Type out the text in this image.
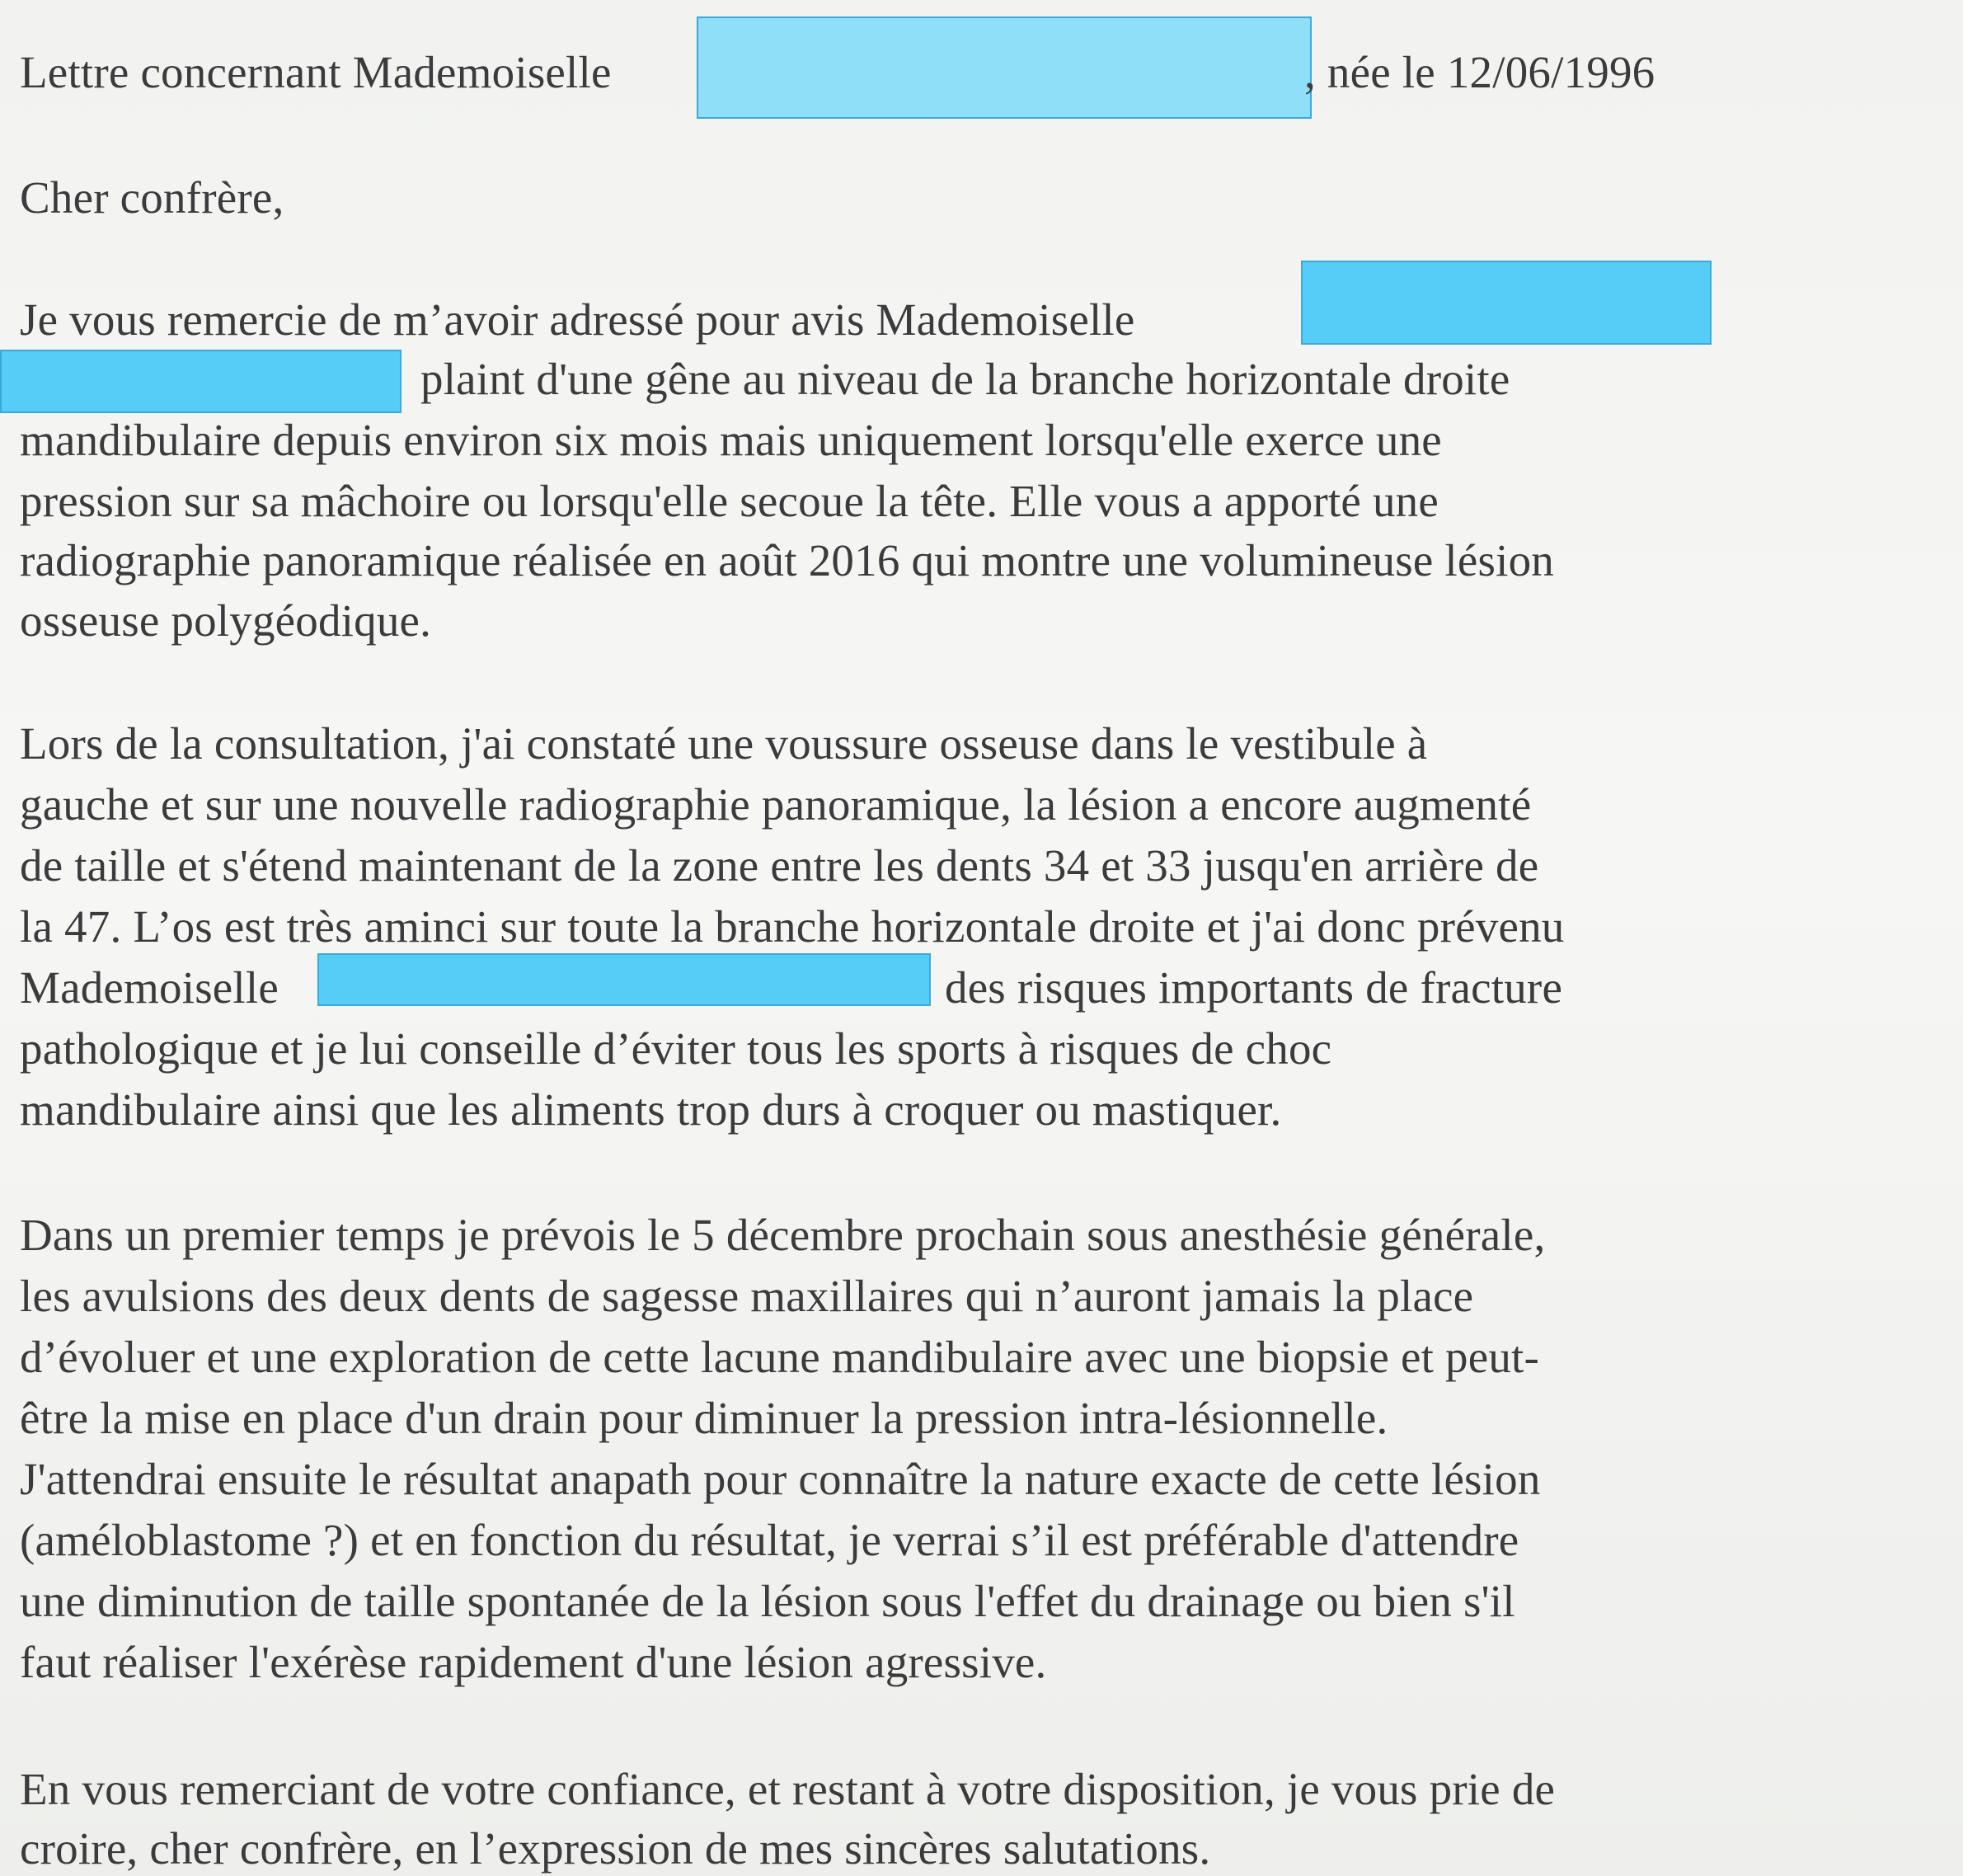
Lettre concernant Mademoiselle	, née le 12/06/1996
Cher confrère,
Je vous remercie de m’avoir adressé pour avis Mademoiselle
plaint d'une gêne au niveau de la branche horizontale droite
mandibulaire depuis environ six mois mais uniquement lorsqu'elle exerce une
pression sur sa mâchoire ou lorsqu'elle secoue la tête. Elle vous a apporté une
radiographie panoramique réalisée en août 2016 qui montre une volumineuse lésion
osseuse polygéodique.
Lors de la consultation, j'ai constaté une voussure osseuse dans le vestibule à
gauche et sur une nouvelle radiographie panoramique, la lésion a encore augmenté
de taille et s'étend maintenant de la zone entre les dents 34 et 33 jusqu'en arrière de
la 47. L’os est très aminci sur toute la branche horizontale droite et j'ai donc prévenu
Mademoiselle	des risques importants de fracture
pathologique et je lui conseille d’éviter tous les sports à risques de choc
mandibulaire ainsi que les aliments trop durs à croquer ou mastiquer.
Dans un premier temps je prévois le 5 décembre prochain sous anesthésie générale,
les avulsions des deux dents de sagesse maxillaires qui n’auront jamais la place
d’évoluer et une exploration de cette lacune mandibulaire avec une biopsie et peut-
être la mise en place d'un drain pour diminuer la pression intra-lésionnelle.
J'attendrai ensuite le résultat anapath pour connaître la nature exacte de cette lésion
(améloblastome ?) et en fonction du résultat, je verrai s’il est préférable d'attendre
une diminution de taille spontanée de la lésion sous l'effet du drainage ou bien s'il
faut réaliser l'exérèse rapidement d'une lésion agressive.
En vous remerciant de votre confiance, et restant à votre disposition, je vous prie de
croire, cher confrère, en l’expression de mes sincères salutations.
